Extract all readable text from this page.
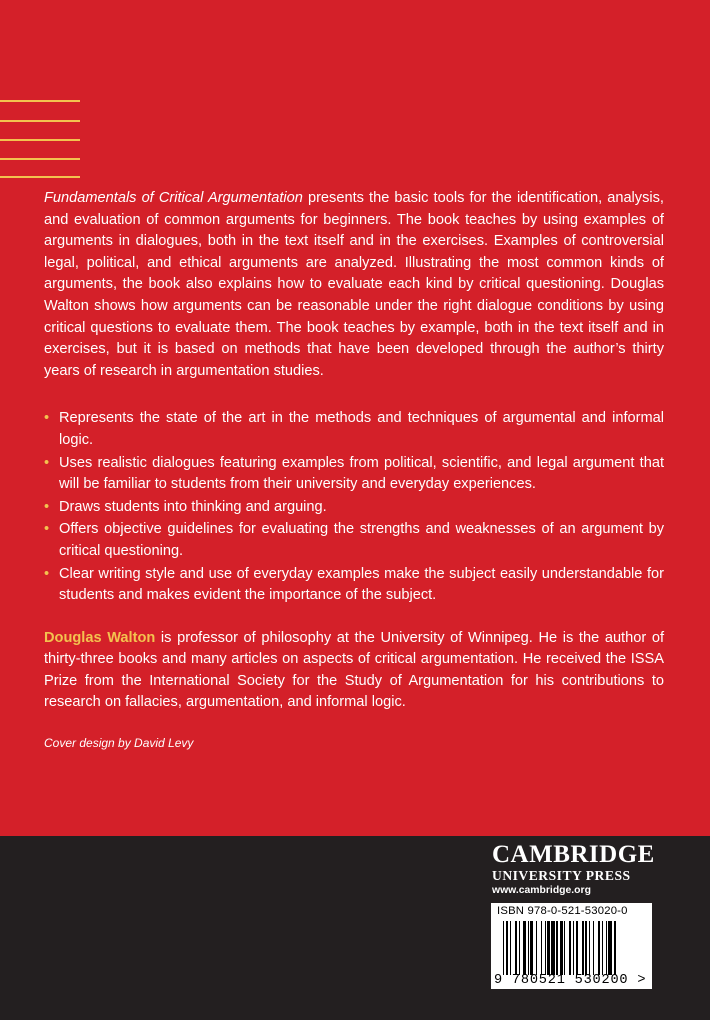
Fundamentals of Critical Argumentation presents the basic tools for the identification, analysis, and evaluation of common arguments for beginners. The book teaches by using examples of arguments in dialogues, both in the text itself and in the exercises. Examples of controversial legal, political, and ethical arguments are analyzed. Illustrating the most common kinds of arguments, the book also explains how to evaluate each kind by critical questioning. Douglas Walton shows how arguments can be reasonable under the right dialogue conditions by using critical questions to evaluate them. The book teaches by example, both in the text itself and in exercises, but it is based on methods that have been developed through the author’s thirty years of research in argumentation studies.

• Represents the state of the art in the methods and techniques of argumental and informal logic.
• Uses realistic dialogues featuring examples from political, scientific, and legal argument that will be familiar to students from their university and everyday experiences.
• Draws students into thinking and arguing.
• Offers objective guidelines for evaluating the strengths and weaknesses of an argument by critical questioning.
• Clear writing style and use of everyday examples make the subject easily understandable for students and makes evident the importance of the subject.

Douglas Walton is professor of philosophy at the University of Winnipeg. He is the author of thirty-three books and many articles on aspects of critical argumentation. He received the ISSA Prize from the International Society for the Study of Argumentation for his contributions to research on fallacies, argumentation, and informal logic.

Cover design by David Levy

CAMBRIDGE
UNIVERSITY PRESS
www.cambridge.org
ISBN 978-0-521-53020-0
9 780521 530200 >
